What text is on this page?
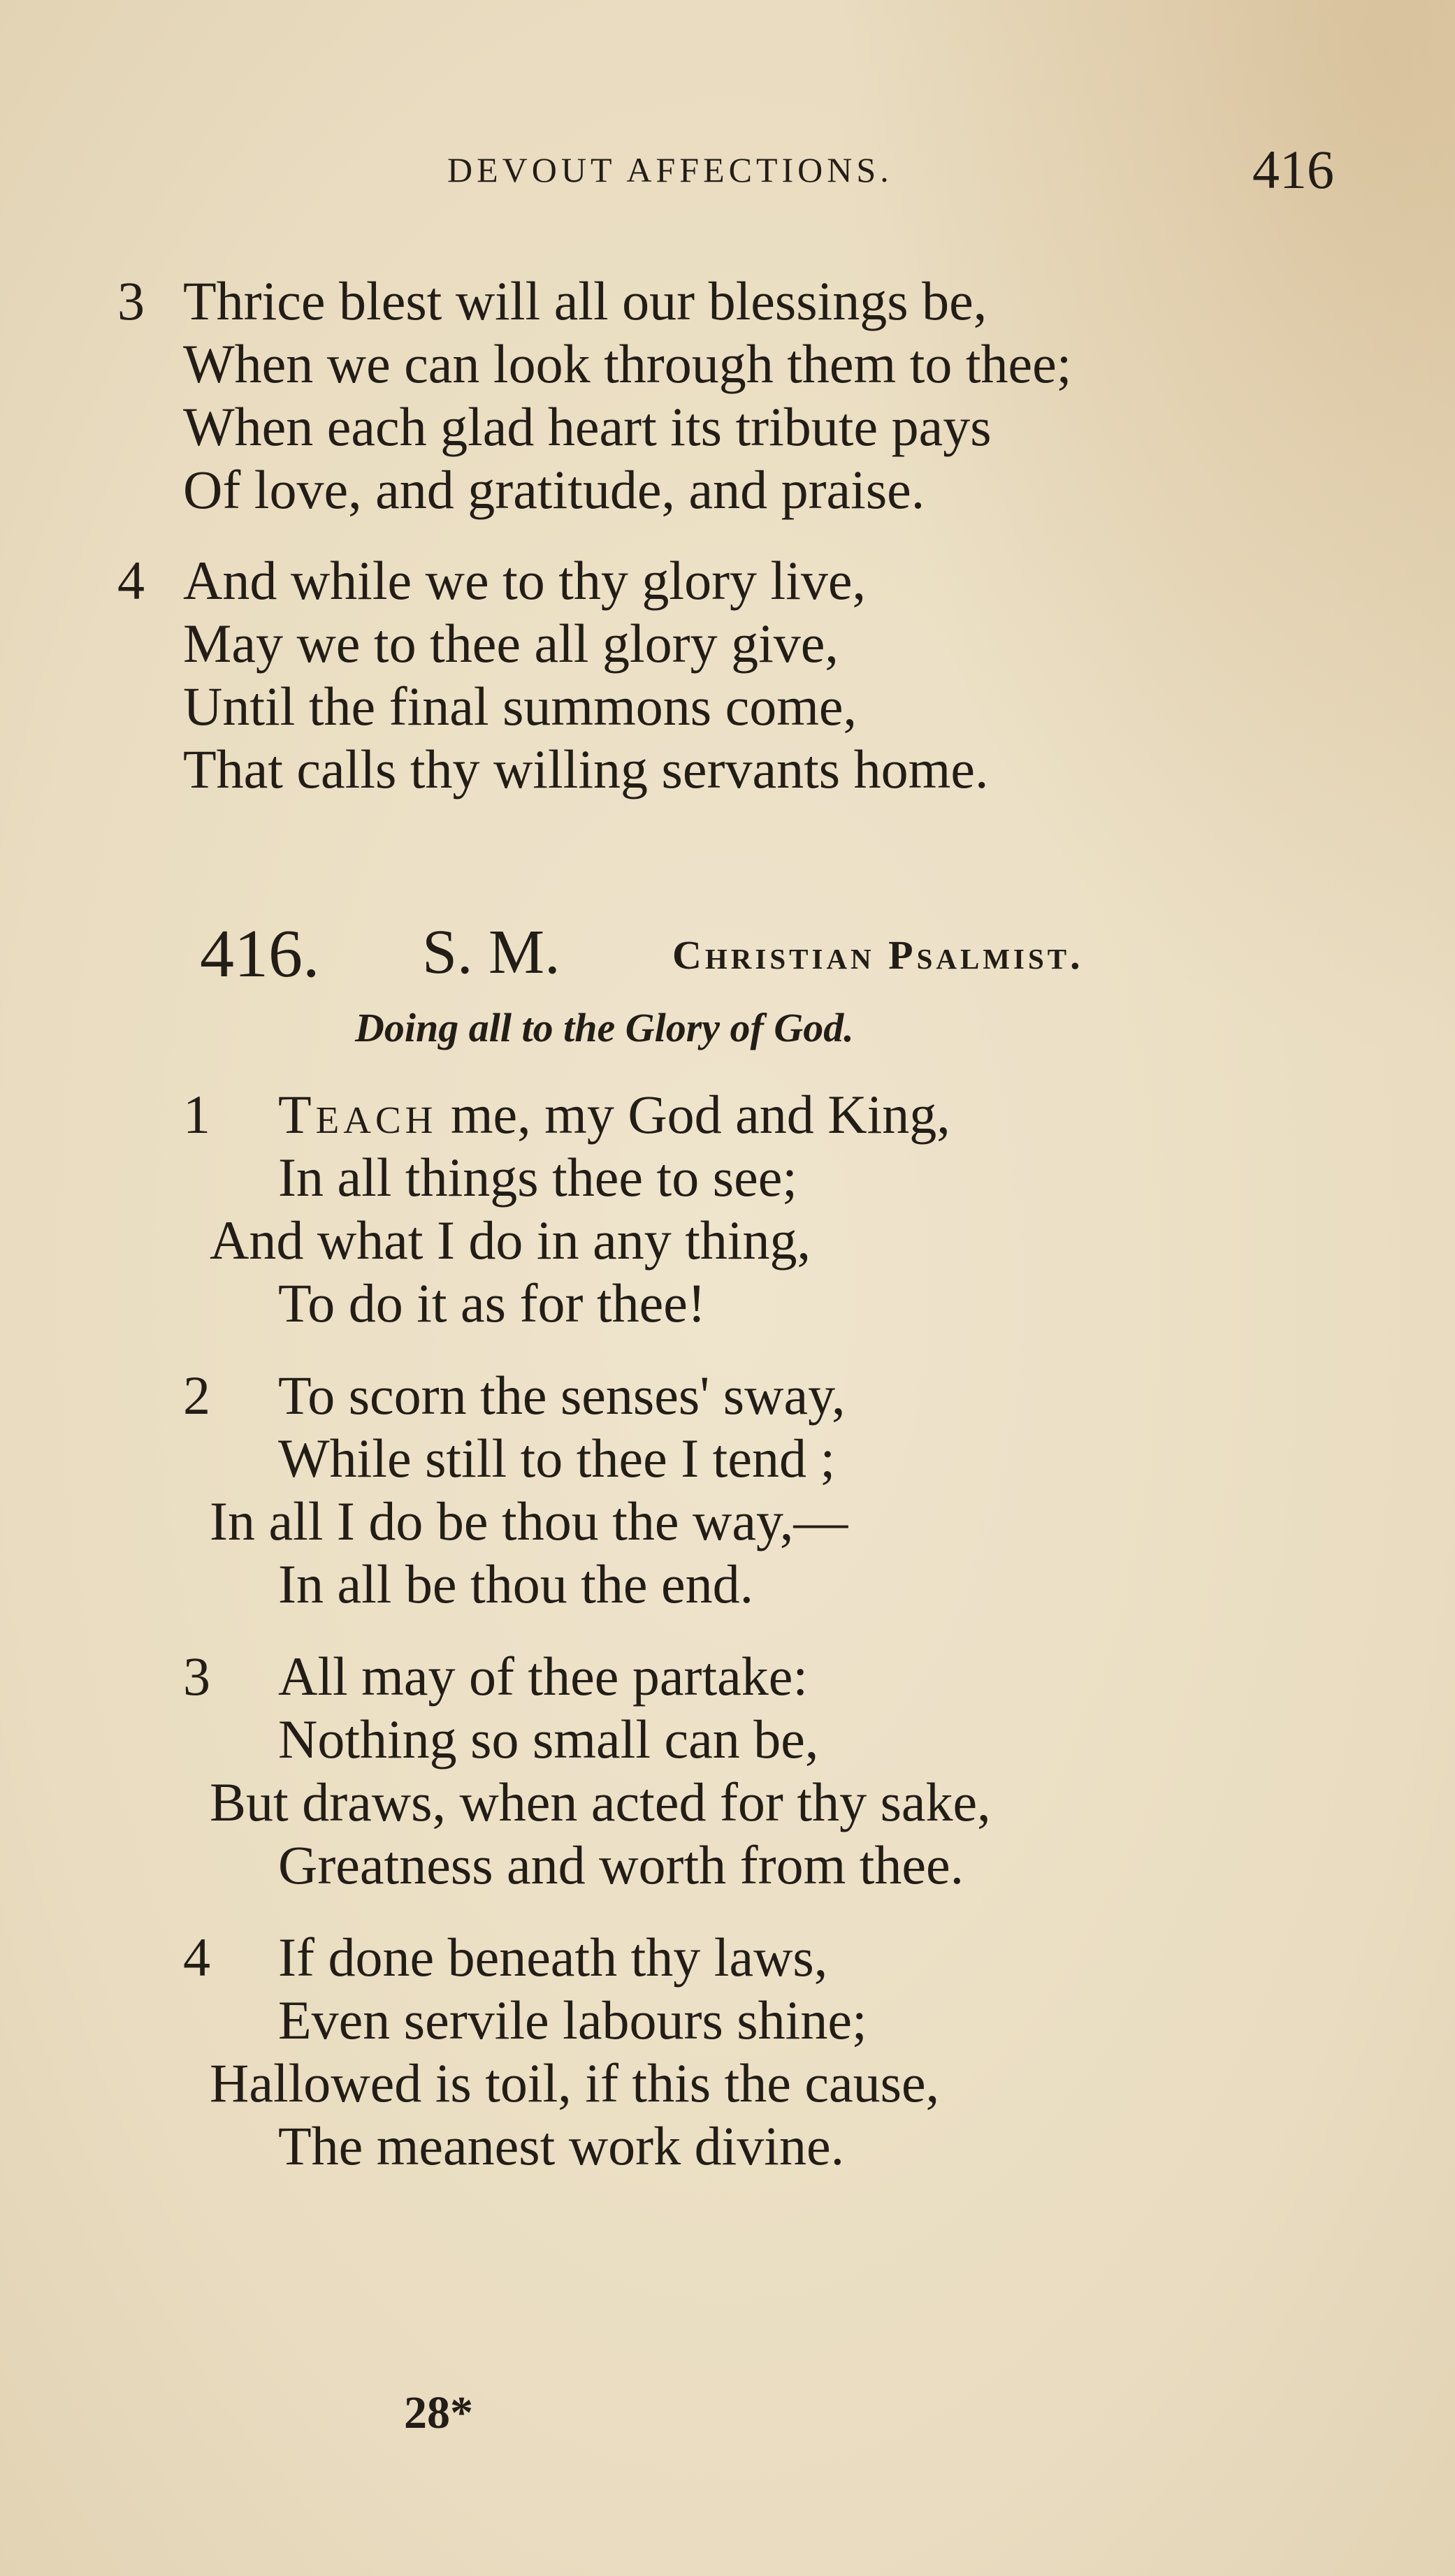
DEVOUT AFFECTIONS.	416
3 Thrice blest will all our blessings be,
When we can look through them to thee;
When each glad heart its tribute pays
Of love, and gratitude, and praise.
4 And while we to thy glory live,
May we to thee all glory give,
Until the final summons come,
That calls thy willing servants home.
416. S. M.	Christian Psalmist.
Doing all to the Glory of God.
1 Teach me, my God and King,
In all things thee to see;
And what I do in any thing,
To do it as for thee!
2 To scorn the senses' sway,
While still to thee I tend ;
In all I do be thou the way,—
In all be thou the end.
3 All may of thee partake:
Nothing so small can be,
But draws, when acted for thy sake,
Greatness and worth from thee.
4 If done beneath thy laws,
Even servile labours shine;
Hallowed is toil, if this the cause,
The meanest work divine.
28*
